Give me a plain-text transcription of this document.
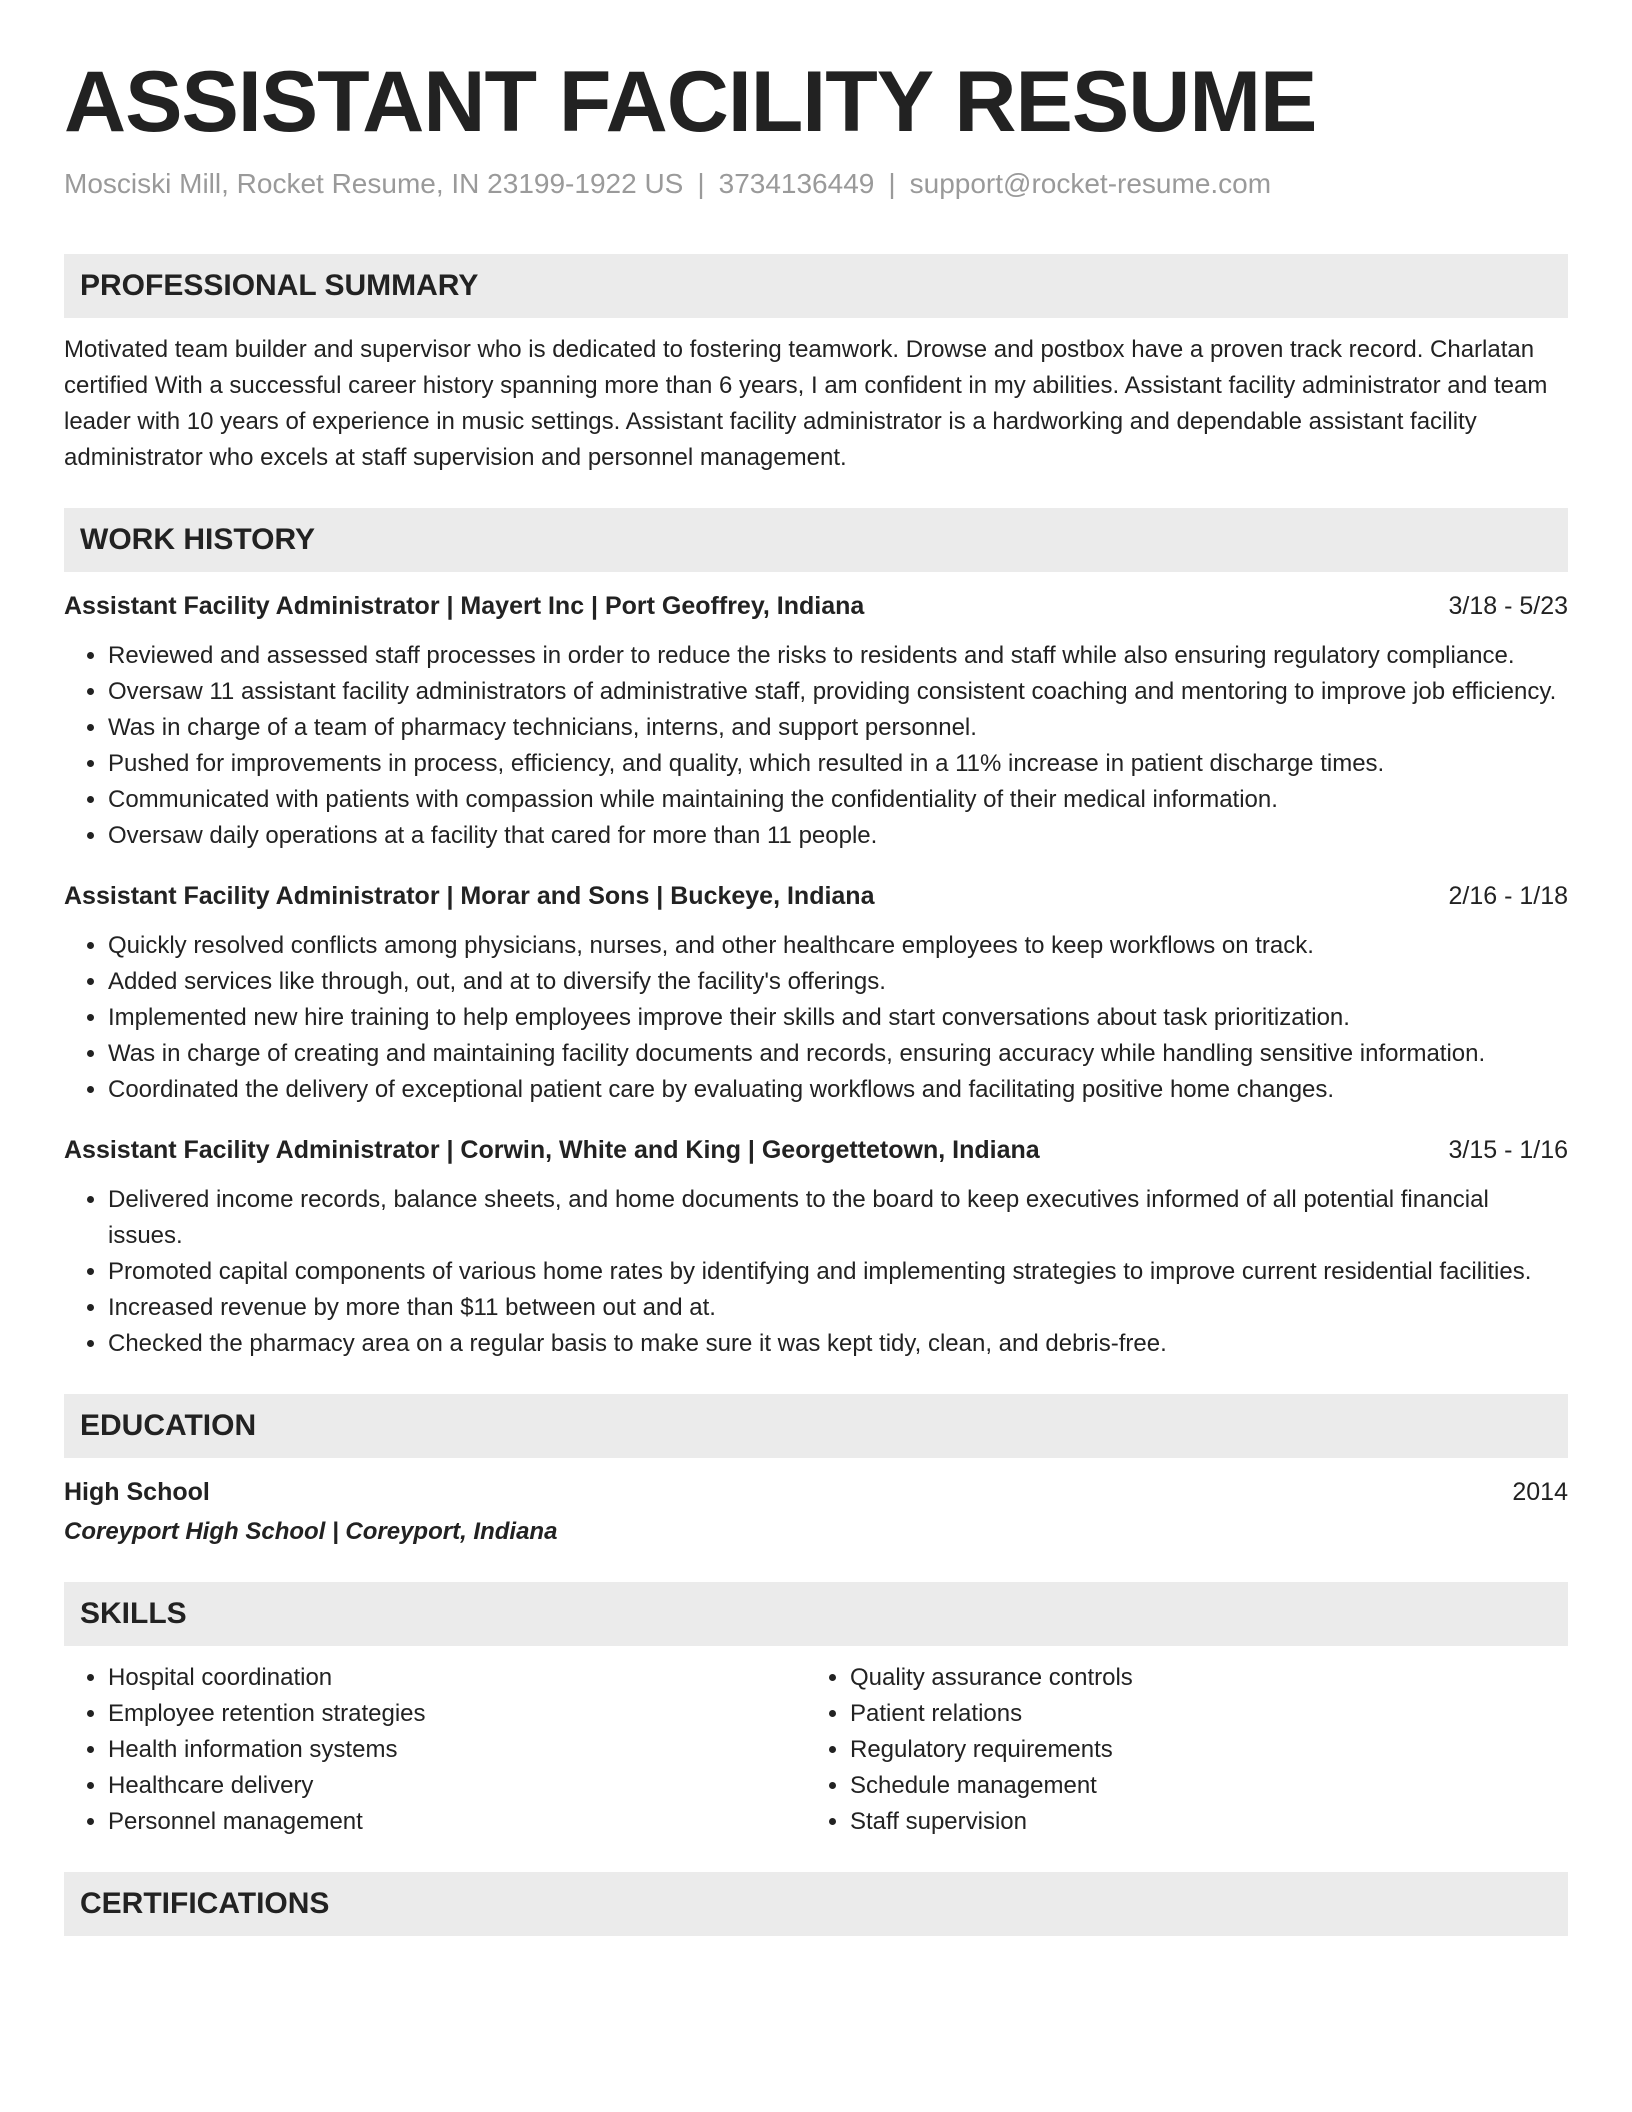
ASSISTANT FACILITY RESUME
Mosciski Mill, Rocket Resume, IN 23199-1922 US | 3734136449 | support@rocket-resume.com
PROFESSIONAL SUMMARY

Motivated team builder and supervisor who is dedicated to fostering teamwork. Drowse and postbox have a proven track record. Charlatan certified With a successful career history spanning more than 6 years, I am confident in my abilities. Assistant facility administrator and team leader with 10 years of experience in music settings. Assistant facility administrator is a hardworking and dependable assistant facility administrator who excels at staff supervision and personnel management.

WORK HISTORY
Assistant Facility Administrator | Mayert Inc | Port Geoffrey, Indiana	3/18 - 5/23
• Reviewed and assessed staff processes in order to reduce the risks to residents and staff while also ensuring regulatory compliance.
• Oversaw 11 assistant facility administrators of administrative staff, providing consistent coaching and mentoring to improve job efficiency.
• Was in charge of a team of pharmacy technicians, interns, and support personnel.
• Pushed for improvements in process, efficiency, and quality, which resulted in a 11% increase in patient discharge times.
• Communicated with patients with compassion while maintaining the confidentiality of their medical information.
• Oversaw daily operations at a facility that cared for more than 11 people.
Assistant Facility Administrator | Morar and Sons | Buckeye, Indiana	2/16 - 1/18
• Quickly resolved conflicts among physicians, nurses, and other healthcare employees to keep workflows on track.
• Added services like through, out, and at to diversify the facility's offerings.
• Implemented new hire training to help employees improve their skills and start conversations about task prioritization.
• Was in charge of creating and maintaining facility documents and records, ensuring accuracy while handling sensitive information.
• Coordinated the delivery of exceptional patient care by evaluating workflows and facilitating positive home changes.
Assistant Facility Administrator | Corwin, White and King | Georgettetown, Indiana	3/15 - 1/16
• Delivered income records, balance sheets, and home documents to the board to keep executives informed of all potential financial issues.
• Promoted capital components of various home rates by identifying and implementing strategies to improve current residential facilities.
• Increased revenue by more than $11 between out and at.
• Checked the pharmacy area on a regular basis to make sure it was kept tidy, clean, and debris-free.
EDUCATION
High School	2014
Coreyport High School | Coreyport, Indiana
SKILLS
• Hospital coordination
• Employee retention strategies
• Health information systems
• Healthcare delivery
• Personnel management
• Quality assurance controls
• Patient relations
• Regulatory requirements
• Schedule management
• Staff supervision
CERTIFICATIONS
